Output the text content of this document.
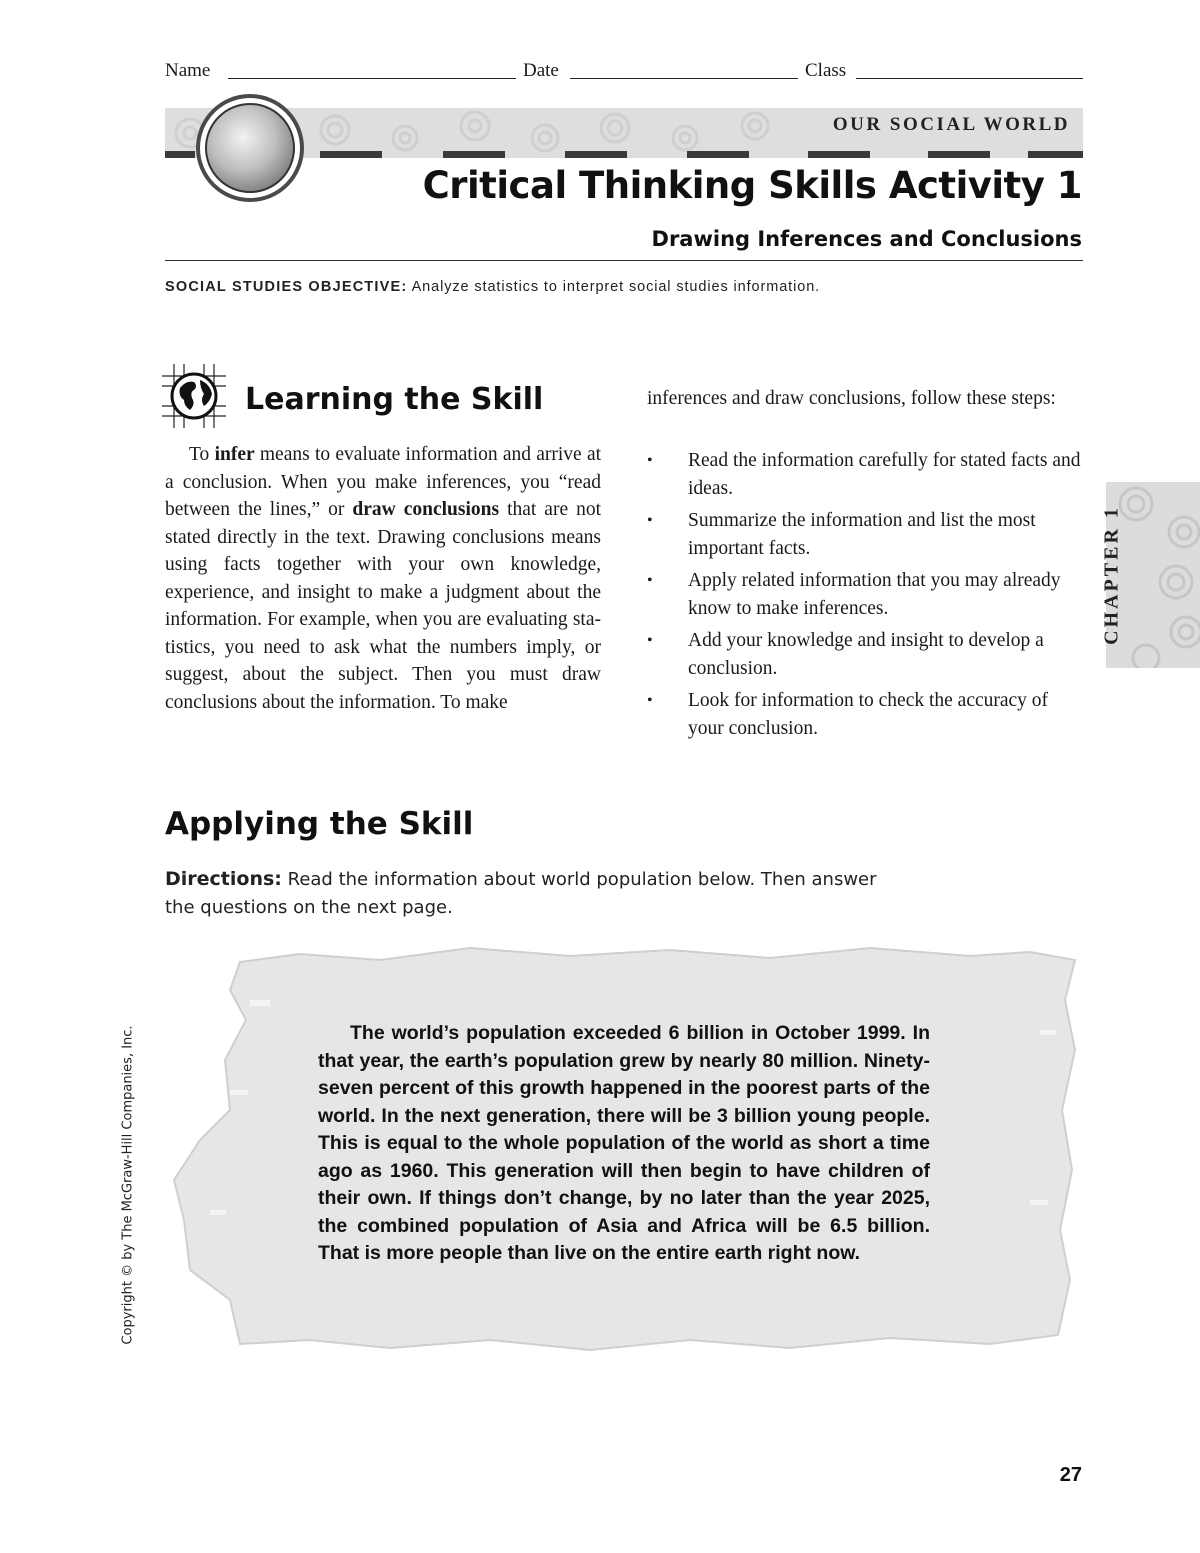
Name	Date	Class
OUR SOCIAL WORLD
Critical Thinking Skills Activity 1
Drawing Inferences and Conclusions
SOCIAL STUDIES OBJECTIVE: Analyze statistics to interpret social studies information.
Learning the Skill
To infer means to evaluate information and arrive at a conclusion. When you make inferences, you “read between the lines,” or draw conclusions that are not stated directly in the text. Drawing conclusions means using facts together with your own knowledge, experience, and insight to make a judgment about the information. For example, when you are evaluating statistics, you need to ask what the numbers imply, or suggest, about the subject. Then you must draw conclusions about the information. To make
inferences and draw conclusions, follow these steps:
• Read the information carefully for stated facts and ideas.
• Summarize the information and list the most important facts.
• Apply related information that you may already know to make inferences.
• Add your knowledge and insight to develop a conclusion.
• Look for information to check the accuracy of your conclusion.
CHAPTER 1
Applying the Skill
Directions: Read the information about world population below. Then answer the questions on the next page.
The world’s population exceeded 6 billion in October 1999. In that year, the earth’s population grew by nearly 80 million. Ninety-seven percent of this growth happened in the poorest parts of the world. In the next generation, there will be 3 billion young people. This is equal to the whole population of the world as short a time ago as 1960. This generation will then begin to have children of their own. If things don’t change, by no later than the year 2025, the combined population of Asia and Africa will be 6.5 billion. That is more people than live on the entire earth right now.
Copyright © by The McGraw-Hill Companies, Inc.
27
